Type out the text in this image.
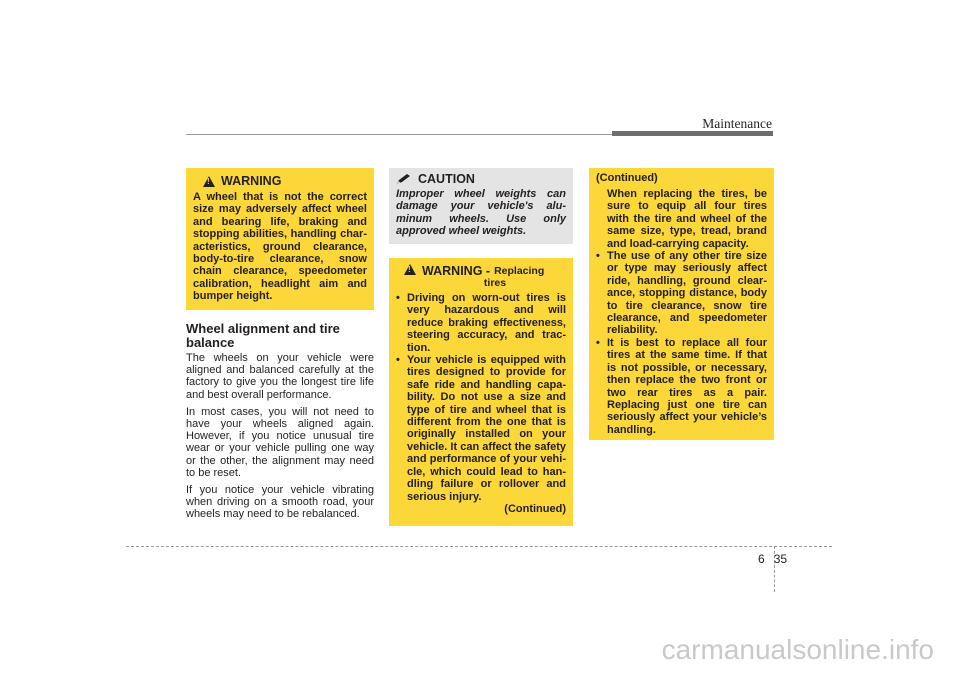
Maintenance
!
WARNING
A wheel that is not the correct size may adversely affect wheel and bearing life, braking and stopping abilities, handling char-acteristics, ground clearance, body-to-tire clearance, snow chain clearance, speedometer calibration, headlight aim and bumper height.
Wheel alignment and tire balance

The wheels on your vehicle were aligned and balanced carefully at the factory to give you the longest tire life and best overall performance.

In most cases, you will not need to have your wheels aligned again. However, if you notice unusual tire wear or your vehicle pulling one way or the other, the alignment may need to be reset.

If you notice your vehicle vibrating when driving on a smooth road, your wheels may need to be rebalanced.

CAUTION
Improper wheel weights can damage your vehicle's alu-minum wheels. Use only approved wheel weights.
!
WARNING - Replacing
tires
• Driving on worn-out tires is very hazardous and will reduce braking effectiveness, steering accuracy, and trac-tion.
• Your vehicle is equipped with tires designed to provide for safe ride and handling capa-bility. Do not use a size and type of tire and wheel that is different from the one that is originally installed on your vehicle. It can affect the safety and performance of your vehi-cle, which could lead to han-dling failure or rollover and serious injury.
(Continued)
(Continued)
When replacing the tires, be sure to equip all four tires with the tire and wheel of the same size, type, tread, brand and load-carrying capacity.
• The use of any other tire size or type may seriously affect ride, handling, ground clear-ance, stopping distance, body to tire clearance, snow tire clearance, and speedometer reliability.
• It is best to replace all four tires at the same time. If that is not possible, or necessary, then replace the two front or two rear tires as a pair. Replacing just one tire can seriously affect your vehicle’s handling.
6 35
carmanualsonline.info
